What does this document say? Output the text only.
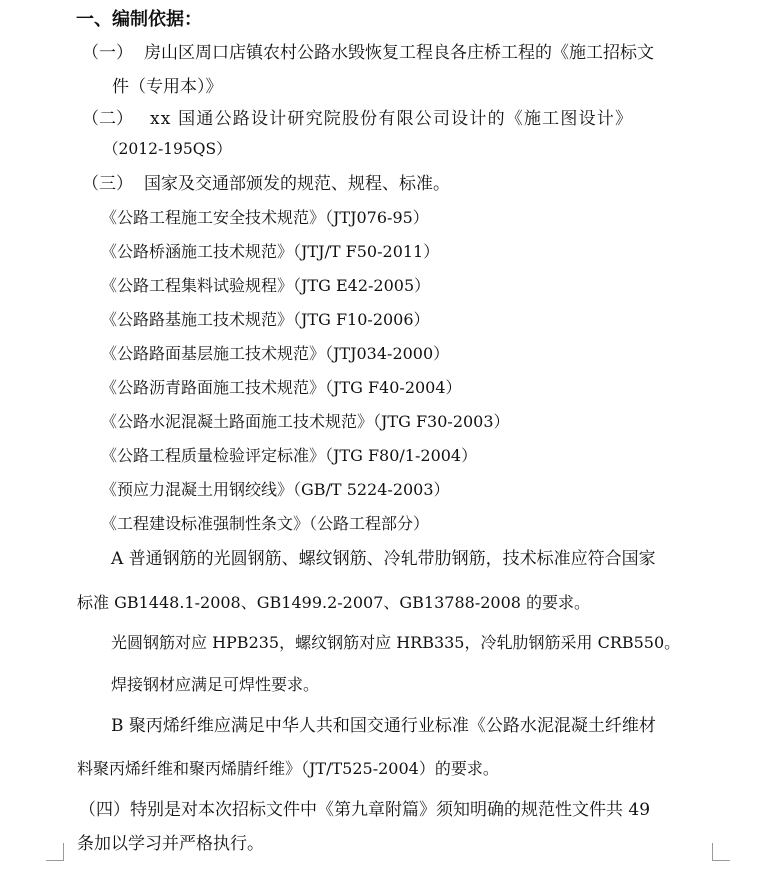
一、编制依据：
（一） 房山区周口店镇农村公路水毁恢复工程良各庄桥工程的《施工招标文
件（专用本）》
（二） xx 国通公路设计研究院股份有限公司设计的《施工图设计》
（2012-195QS）
（三） 国家及交通部颁发的规范、规程、标准。
《公路工程施工安全技术规范》（JTJ076-95）
《公路桥涵施工技术规范》（JTJ/T F50-2011）
《公路工程集料试验规程》（JTG E42-2005）
《公路路基施工技术规范》（JTG F10-2006）
《公路路面基层施工技术规范》（JTJ034-2000）
《公路沥青路面施工技术规范》（JTG F40-2004）
《公路水泥混凝土路面施工技术规范》（JTG F30-2003）
《公路工程质量检验评定标准》（JTG F80/1-2004）
《预应力混凝土用钢绞线》（GB/T 5224-2003）
《工程建设标准强制性条文》（公路工程部分）
A 普通钢筋的光圆钢筋、螺纹钢筋、冷轧带肋钢筋，技术标准应符合国家
标准 GB1448.1-2008、GB1499.2-2007、GB13788-2008 的要求。
光圆钢筋对应 HPB235，螺纹钢筋对应 HRB335，冷轧肋钢筋采用 CRB550。
焊接钢材应满足可焊性要求。
B 聚丙烯纤维应满足中华人共和国交通行业标准《公路水泥混凝土纤维材
料聚丙烯纤维和聚丙烯腈纤维》（JT/T525-2004）的要求。
（四）特别是对本次招标文件中《第九章附篇》须知明确的规范性文件共 49
条加以学习并严格执行。
